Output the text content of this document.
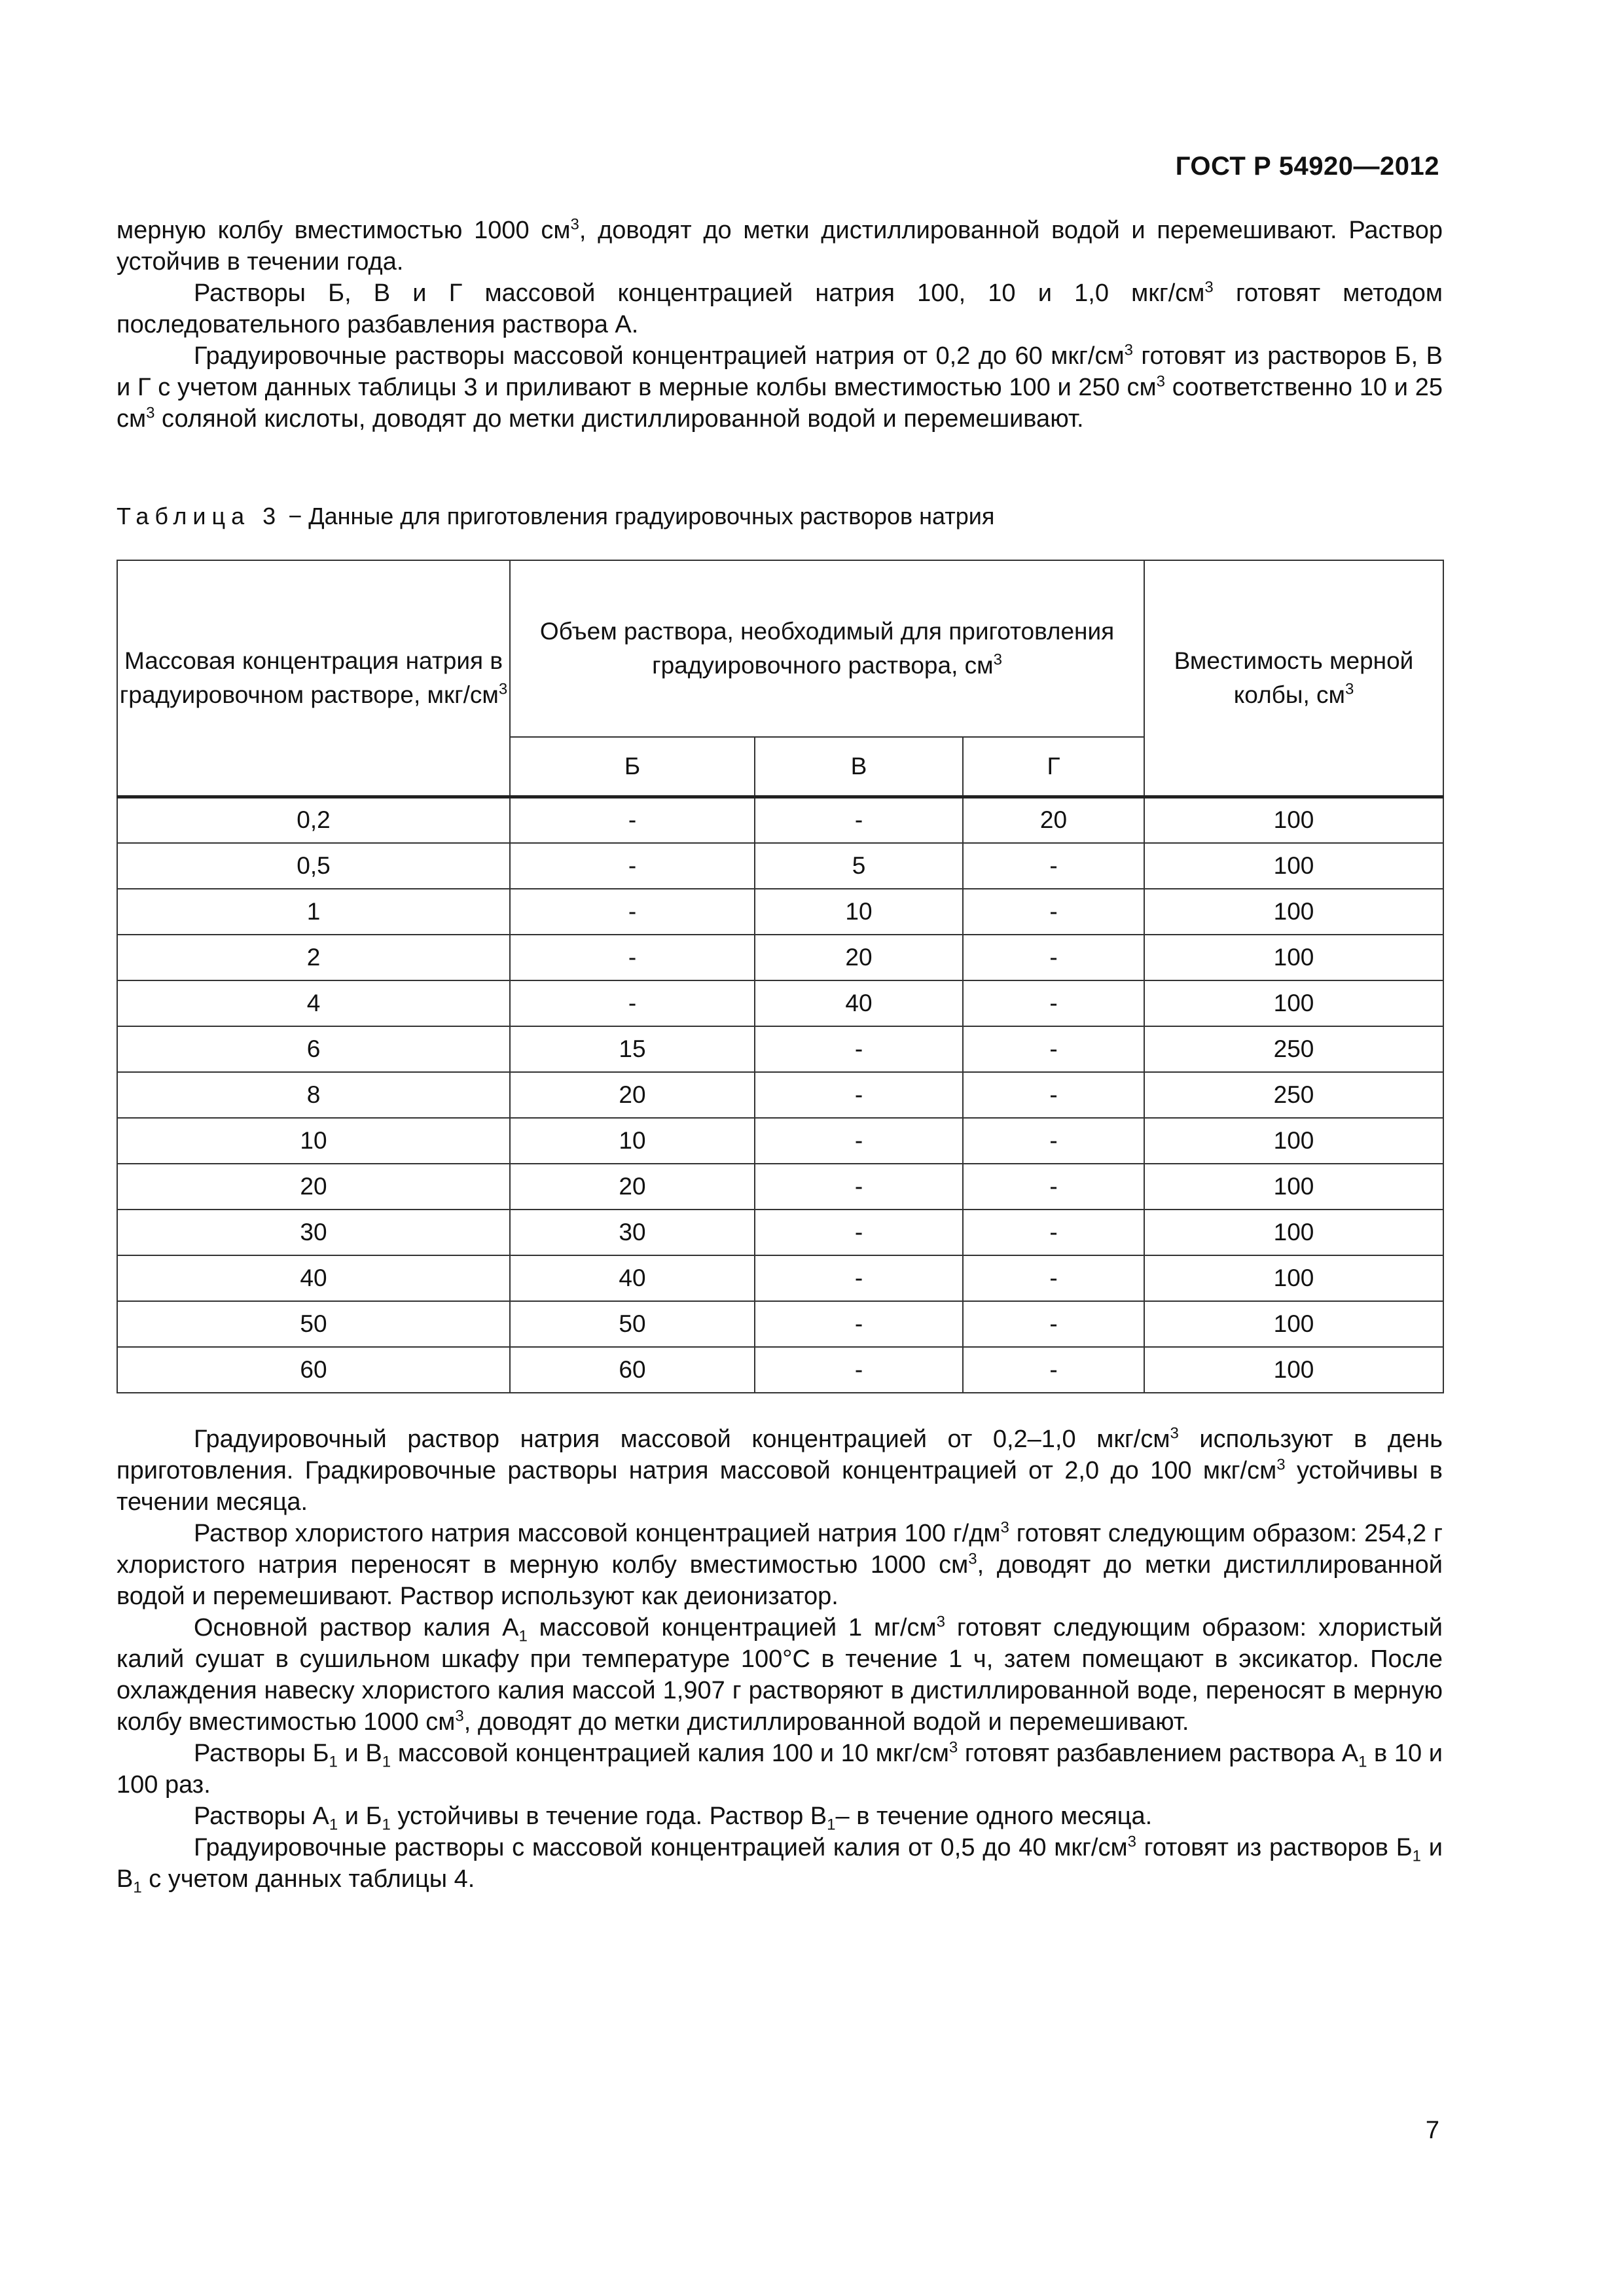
ГОСТ Р 54920—2012

мерную колбу вместимостью 1000 $см^3$, доводят до метки дистиллированной водой и перемешивают. Раствор устойчив в течении года.

Растворы Б, В и Г массовой концентрацией натрия 100, 10 и 1,0 мкг/$см^3$ готовят методом последовательного разбавления раствора А.

Градуировочные растворы массовой концентрацией натрия от 0,2 до 60 мкг/$см^3$ готовят из растворов Б, В и Г с учетом данных таблицы 3 и приливают в мерные колбы вместимостью 100 и 250 $см^3$ соответственно 10 и 25 $см^3$ соляной кислоты, доводят до метки дистиллированной водой и перемешивают.

Таблица 3 − Данные для приготовления градуировочных растворов натрия
Массовая концентрация натрия в градуировочном растворе, мкг/$см^3$	Объем раствора, необходимый для приготовления градуировочного раствора, $см^3$			Вместимость мерной колбы, $см^3$
	Б	В	Г	
0,2	-	-	20	100
0,5	-	5	-	100
1	-	10	-	100
2	-	20	-	100
4	-	40	-	100
6	15	-	-	250
8	20	-	-	250
10	10	-	-	100
20	20	-	-	100
30	30	-	-	100
40	40	-	-	100
50	50	-	-	100
60	60	-	-	100

Градуировочный раствор натрия массовой концентрацией от 0,2–1,0 мкг/$см^3$ используют в день приготовления. Градкировочные растворы натрия массовой концентрацией от 2,0 до 100 мкг/$см^3$ устойчивы в течении месяца.

Раствор хлористого натрия массовой концентрацией натрия 100 $г/дм^3$ готовят следующим образом: 254,2 г хлористого натрия переносят в мерную колбу вместимостью 1000 $см^3$, доводят до метки дистиллированной водой и перемешивают. Раствор используют как деионизатор.

Основной раствор калия $А_1$ массовой концентрацией 1 $мг/см^3$ готовят следующим образом: хлористый калий сушат в сушильном шкафу при температуре 100°С в течение 1 ч, затем помещают в эксикатор. После охлаждения навеску хлористого калия массой 1,907 г растворяют в дистиллированной воде, переносят в мерную колбу вместимостью 1000 $см^3$, доводят до метки дистиллированной водой и перемешивают.

Растворы $Б_1$ и $В_1$ массовой концентрацией калия 100 и 10 мкг/$см^3$ готовят разбавлением раствора $А_1$ в 10 и 100 раз.

Растворы $А_1$ и $Б_1$ устойчивы в течение года. Раствор $В_1-$ в течение одного месяца.

Градуировочные растворы с массовой концентрацией калия от 0,5 до 40 мкг/$см^3$ готовят из растворов $Б_1$ и $В_1$ с учетом данных таблицы 4.

7
